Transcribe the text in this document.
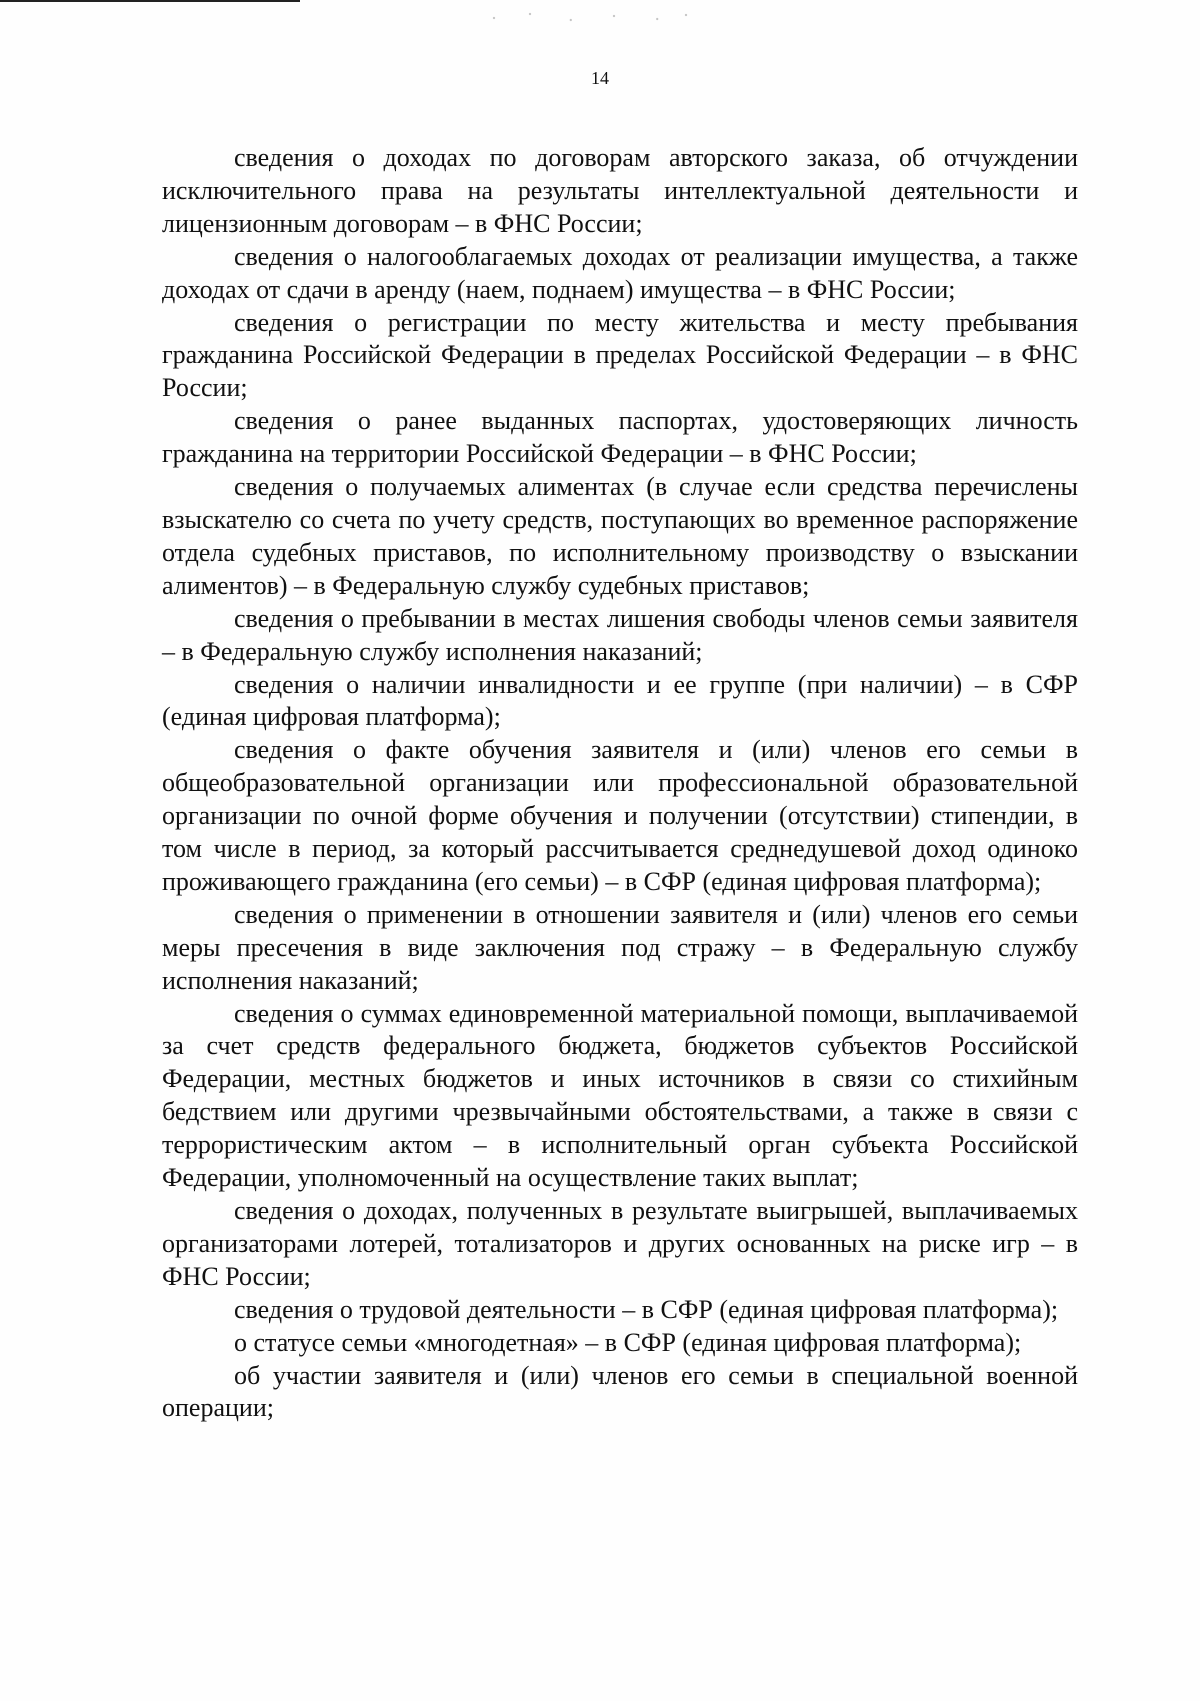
14

сведения о доходах по договорам авторского заказа, об отчуждении исключительного права на результаты интеллектуальной деятельности и лицензионным договорам – в ФНС России;

сведения о налогооблагаемых доходах от реализации имущества, а также доходах от сдачи в аренду (наем, поднаем) имущества – в ФНС России;

сведения о регистрации по месту жительства и месту пребывания гражданина Российской Федерации в пределах Российской Федерации – в ФНС России;

сведения о ранее выданных паспортах, удостоверяющих личность гражданина на территории Российской Федерации – в ФНС России;

сведения о получаемых алиментах (в случае если средства перечислены взыскателю со счета по учету средств, поступающих во временное распоряжение отдела судебных приставов, по исполнительному производству о взыскании алиментов) – в Федеральную службу судебных приставов;

сведения о пребывании в местах лишения свободы членов семьи заявителя – в Федеральную службу исполнения наказаний;

сведения о наличии инвалидности и ее группе (при наличии) – в СФР (единая цифровая платформа);

сведения о факте обучения заявителя и (или) членов его семьи в общеобразовательной организации или профессиональной образовательной организации по очной форме обучения и получении (отсутствии) стипендии, в том числе в период, за который рассчитывается среднедушевой доход одиноко проживающего гражданина (его семьи) – в СФР (единая цифровая платформа);

сведения о применении в отношении заявителя и (или) членов его семьи меры пресечения в виде заключения под стражу – в Федеральную службу исполнения наказаний;

сведения о суммах единовременной материальной помощи, выплачиваемой за счет средств федерального бюджета, бюджетов субъектов Российской Федерации, местных бюджетов и иных источников в связи со стихийным бедствием или другими чрезвычайными обстоятельствами, а также в связи с террористическим актом – в исполнительный орган субъекта Российской Федерации, уполномоченный на осуществление таких выплат;

сведения о доходах, полученных в результате выигрышей, выплачиваемых организаторами лотерей, тотализаторов и других основанных на риске игр – в ФНС России;

сведения о трудовой деятельности – в СФР (единая цифровая платформа);

о статусе семьи «многодетная» – в СФР (единая цифровая платформа);

об участии заявителя и (или) членов его семьи в специальной военной операции;
